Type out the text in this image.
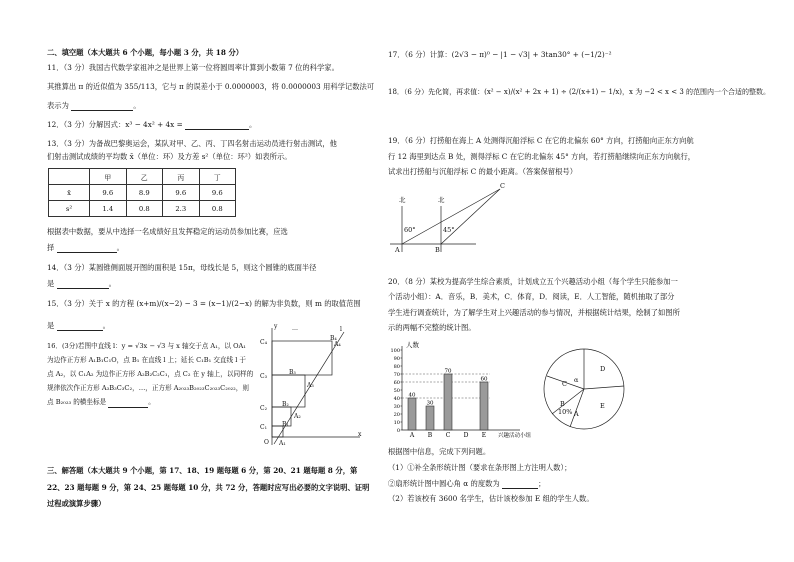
二、填空题（本大题共 6 个小题，每小题 3 分，共 18 分）
11．（3 分）我国古代数学家祖冲之是世界上第一位将圆周率计算到小数第 7 位的科学家。
其推算出 π 的近似值为 355/113，它与 π 的误差小于 0.0000003，将 0.0000003 用科学记数法可
表示为	。
12．（3 分）分解因式：x³ − 4x² + 4x =	。
13．（3 分）为备战巴黎奥运会，某队对甲、乙、丙、丁四名射击运动员进行射击测试，他
们射击测试成绩的平均数 x̄（单位：环）及方差 s²（单位：环²）如表所示。
	甲	乙	丙	丁
x̄	9.6	8.9	9.6	9.6
s²	1.4	0.8	2.3	0.8
根据表中数据，要从中选择一名成绩好且发挥稳定的运动员参加比赛，应选
择	。
14．（3 分）某圆锥侧面展开图的面积是 15π，母线长是 5，则这个圆锥的底面半径
是	。
15．（3 分）关于 x 的方程 (x+m)/(x−2) − 3 = (x−1)/(2−x) 的解为非负数，则 m 的取值范围
是	。
16．(3分)若图中直线 l：y = √3x − √3 与 x 轴交于点 A₁，以 OA₁
为边作正方形 A₁B₁C₁O，点 B₁ 在直线 l 上；延长 C₁B₁ 交直线 l 于
点 A₂，以 C₁A₂ 为边作正方形 A₂B₂C₂C₁，点 C₂ 在 y 轴上，以同样的
规律依次作正方形 A₃B₃C₃C₂，…，正方形 A₂₀₂₃B₂₀₂₃C₂₀₂₃C₂₀₂₂，则
点 B₂₀₂₃ 的横坐标是	。
y …	l
x
O
C₄
B₄
A₄
C₃
B₃
A₃
C₂
B₂
A₂
C₁	B₁
A₁
三、解答题（本大题共 9 个小题，第 17、18、19 题每题 6 分，第 20、21 题每题 8 分，第
22、23 题每题 9 分，第 24、25 题每题 10 分，共 72 分，答题时应写出必要的文字说明、证明
过程或演算步骤）
17．（6 分）计算：(2√3 − π)⁰ − |1 − √3| + 3tan30° + (−1/2)⁻²
18．（6 分）先化简，再求值：(x² − x)/(x² + 2x + 1) ÷ (2/(x+1) − 1/x)，x 为 −2 < x < 3 的范围内一个合适的整数。
19．（6 分）打捞船在海上 A 处测得沉船浮标 C 在它的北偏东 60° 方向，打捞船向正东方向航
行 12 海里到达点 B 处，测得浮标 C 在它的北偏东 45° 方向，若打捞船继续向正东方向航行，
试求出打捞船与沉船浮标 C 的最小距离。（答案保留根号）
北	北
60°	45°
A	B
C
20．（8 分）某校为提高学生综合素质，计划成立五个兴趣活动小组（每个学生只能参加一
个活动小组）：A．音乐，B．美术，C．体育，D．阅读，E．人工智能，随机抽取了部分
学生进行调查统计，为了解学生对上兴趣活动的参与情况，并根据统计结果，绘制了如图所
示的两幅不完整的统计图。
人数
兴趣活动小组
0
10
20
30
40
50
60
70
80
90
100
40
A
30
B
70
C D
60
E
D
C α
B
10% A
E
根据图中信息，完成下列问题。
（1）①补全条形统计图（要求在条形图上方注明人数）；
②扇形统计图中圆心角 α 的度数为	；
（2）若该校有 3600 名学生，估计该校参加 E 组的学生人数。
